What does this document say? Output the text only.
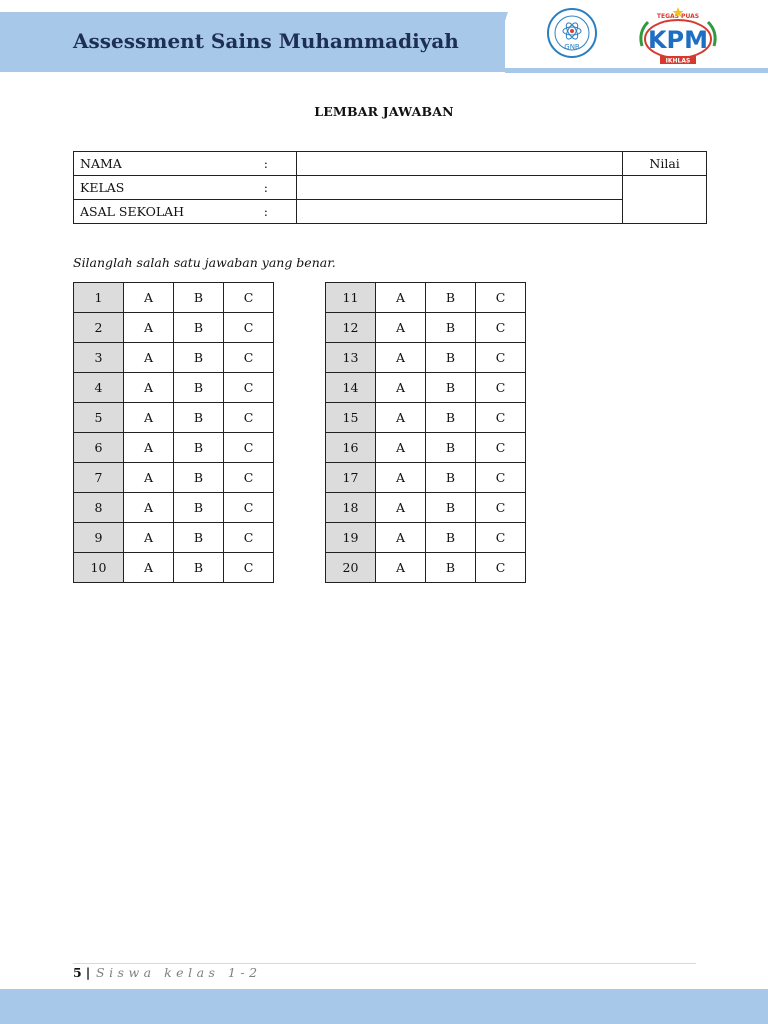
Assessment Sains Muhammadiyah	GNB	KPM
TEGAS PUAS
IKHLAS
LEMBAR JAWABAN
NAMA	:		Nilai
KELAS	:		
ASAL SEKOLAH	:		
Silanglah salah satu jawaban yang benar.
1	A	B	C
2	A	B	C
3	A	B	C
4	A	B	C
5	A	B	C
6	A	B	C
7	A	B	C
8	A	B	C
9	A	B	C
10	A	B	C
11	A	B	C
12	A	B	C
13	A	B	C
14	A	B	C
15	A	B	C
16	A	B	C
17	A	B	C
18	A	B	C
19	A	B	C
20	A	B	C
5 | Siswa kelas 1-2
